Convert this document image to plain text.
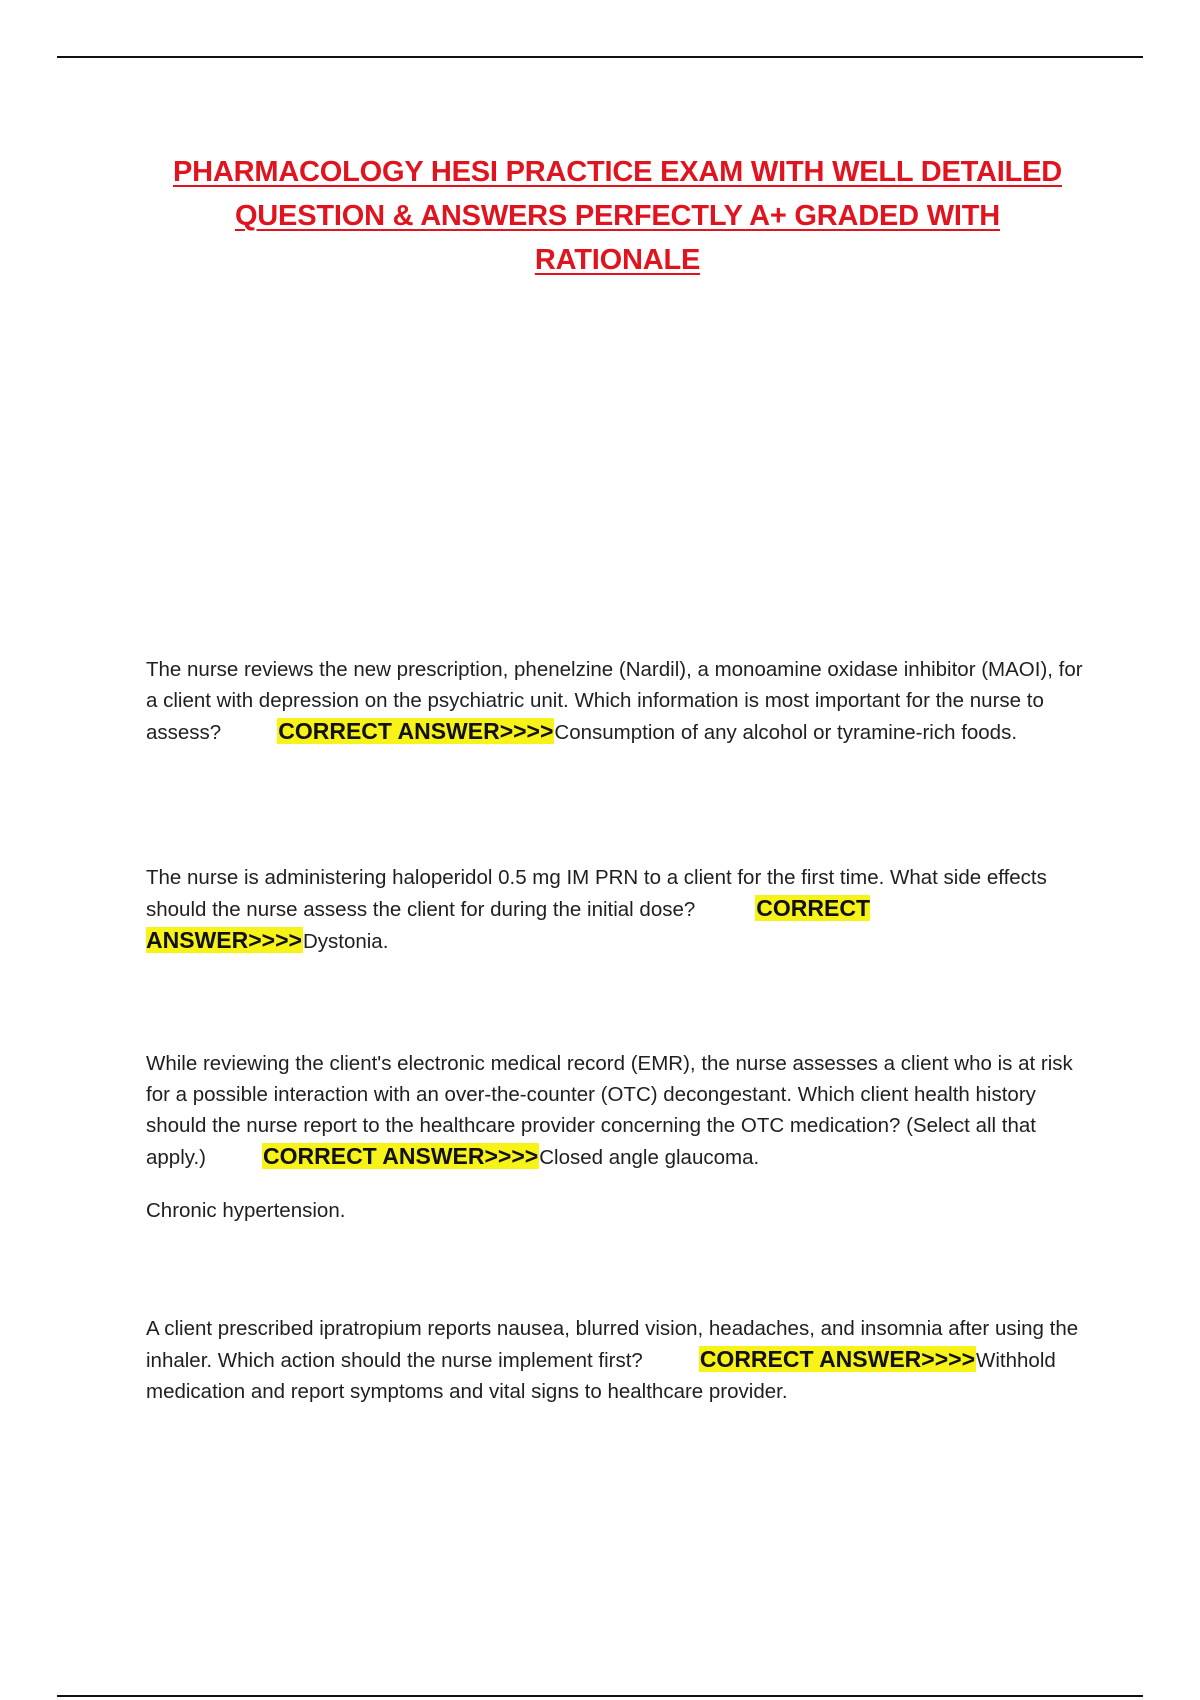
PHARMACOLOGY HESI PRACTICE EXAM WITH WELL DETAILED
QUESTION & ANSWERS PERFECTLY A+ GRADED WITH
RATIONALE

The nurse reviews the new prescription, phenelzine (Nardil), a monoamine oxidase inhibitor (MAOI), for a client with depression on the psychiatric unit. Which information is most important for the nurse to assess? CORRECT ANSWER>>>>Consumption of any alcohol or tyramine-rich foods.

The nurse is administering haloperidol 0.5 mg IM PRN to a client for the first time. What side effects should the nurse assess the client for during the initial dose?	CORRECT ANSWER>>>>Dystonia.

While reviewing the client's electronic medical record (EMR), the nurse assesses a client who is at risk for a possible interaction with an over-the-counter (OTC) decongestant. Which client health history should the nurse report to the healthcare provider concerning the OTC medication? (Select all that apply.) CORRECT ANSWER>>>>Closed angle glaucoma.

Chronic hypertension.

A client prescribed ipratropium reports nausea, blurred vision, headaches, and insomnia after using the inhaler. Which action should the nurse implement first? CORRECT ANSWER>>>>Withhold medication and report symptoms and vital signs to healthcare provider.
